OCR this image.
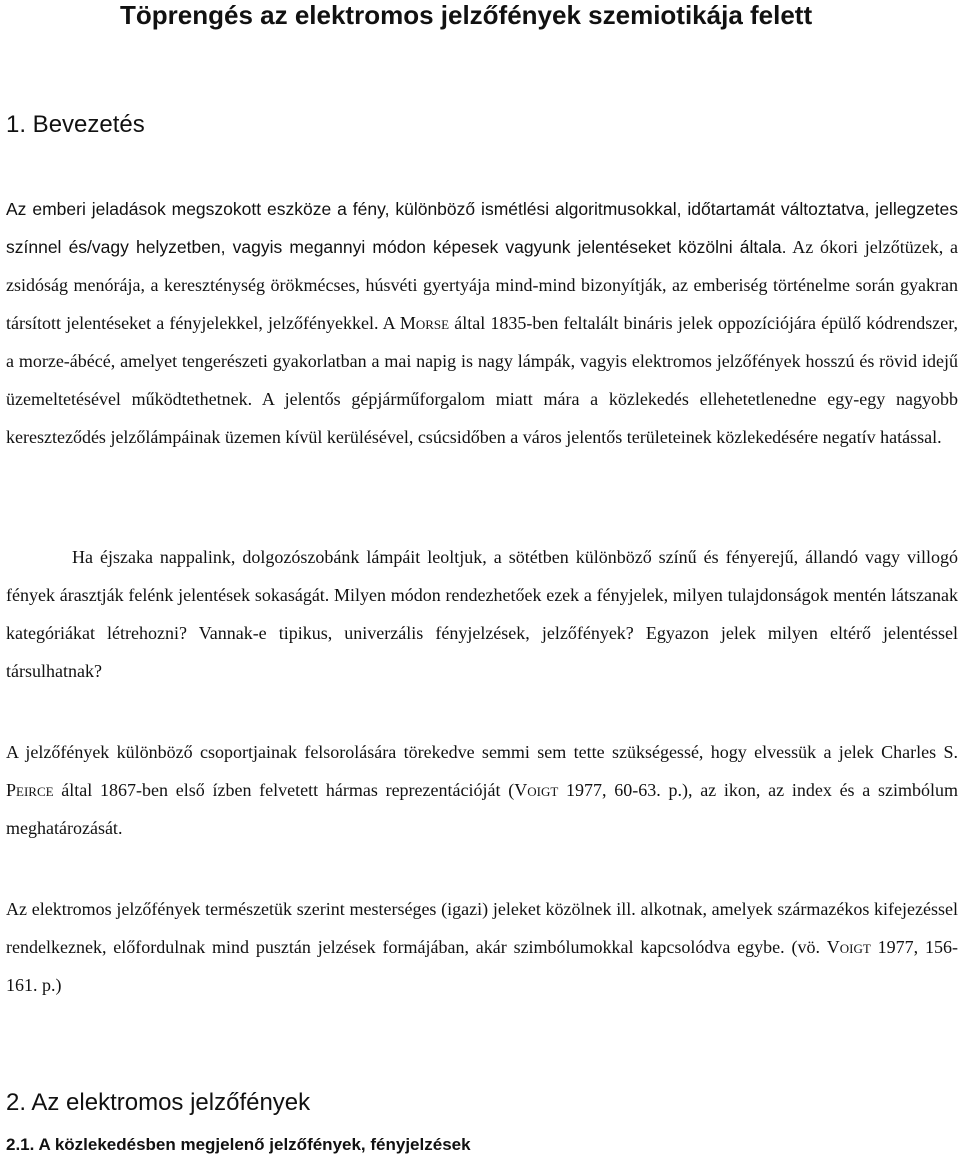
Töprengés az elektromos jelzőfények szemiotikája felett
1. Bevezetés

Az emberi jeladások megszokott eszköze a fény, különböző ismétlési algoritmusokkal, időtartamát változtatva, jellegzetes színnel és/vagy helyzetben, vagyis megannyi módon képesek vagyunk jelentéseket közölni általa. Az ókori jelzőtüzek, a zsidóság menórája, a kereszténység örökmécses, húsvéti gyertyája mind-mind bizonyítják, az emberiség történelme során gyakran társított jelentéseket a fényjelekkel, jelzőfényekkel. A Morse által 1835-ben feltalált bináris jelek oppozíciójára épülő kódrendszer, a morze-ábécé, amelyet tengerészeti gyakorlatban a mai napig is nagy lámpák, vagyis elektromos jelzőfények hosszú és rövid idejű üzemeltetésével működtethetnek. A jelentős gépjárműforgalom miatt mára a közlekedés ellehetetlenedne egy-egy nagyobb kereszteződés jelzőlámpáinak üzemen kívül kerülésével, csúcsidőben a város jelentős területeinek közlekedésére negatív hatással.

Ha éjszaka nappalink, dolgozószobánk lámpáit leoltjuk, a sötétben különböző színű és fényerejű, állandó vagy villogó fények árasztják felénk jelentések sokaságát. Milyen módon rendezhetőek ezek a fényjelek, milyen tulajdonságok mentén látszanak kategóriákat létrehozni? Vannak-e tipikus, univerzális fényjelzések, jelzőfények? Egyazon jelek milyen eltérő jelentéssel társulhatnak?

A jelzőfények különböző csoportjainak felsorolására törekedve semmi sem tette szükségessé, hogy elvessük a jelek Charles S. Peirce által 1867-ben első ízben felvetett hármas reprezentációját (Voigt 1977, 60-63. p.), az ikon, az index és a szimbólum meghatározását.

Az elektromos jelzőfények természetük szerint mesterséges (igazi) jeleket közölnek ill. alkotnak, amelyek származékos kifejezéssel rendelkeznek, előfordulnak mind pusztán jelzések formájában, akár szimbólumokkal kapcsolódva egybe. (vö. Voigt 1977, 156-161. p.)

2. Az elektromos jelzőfények
2.1. A közlekedésben megjelenő jelzőfények, fényjelzések
